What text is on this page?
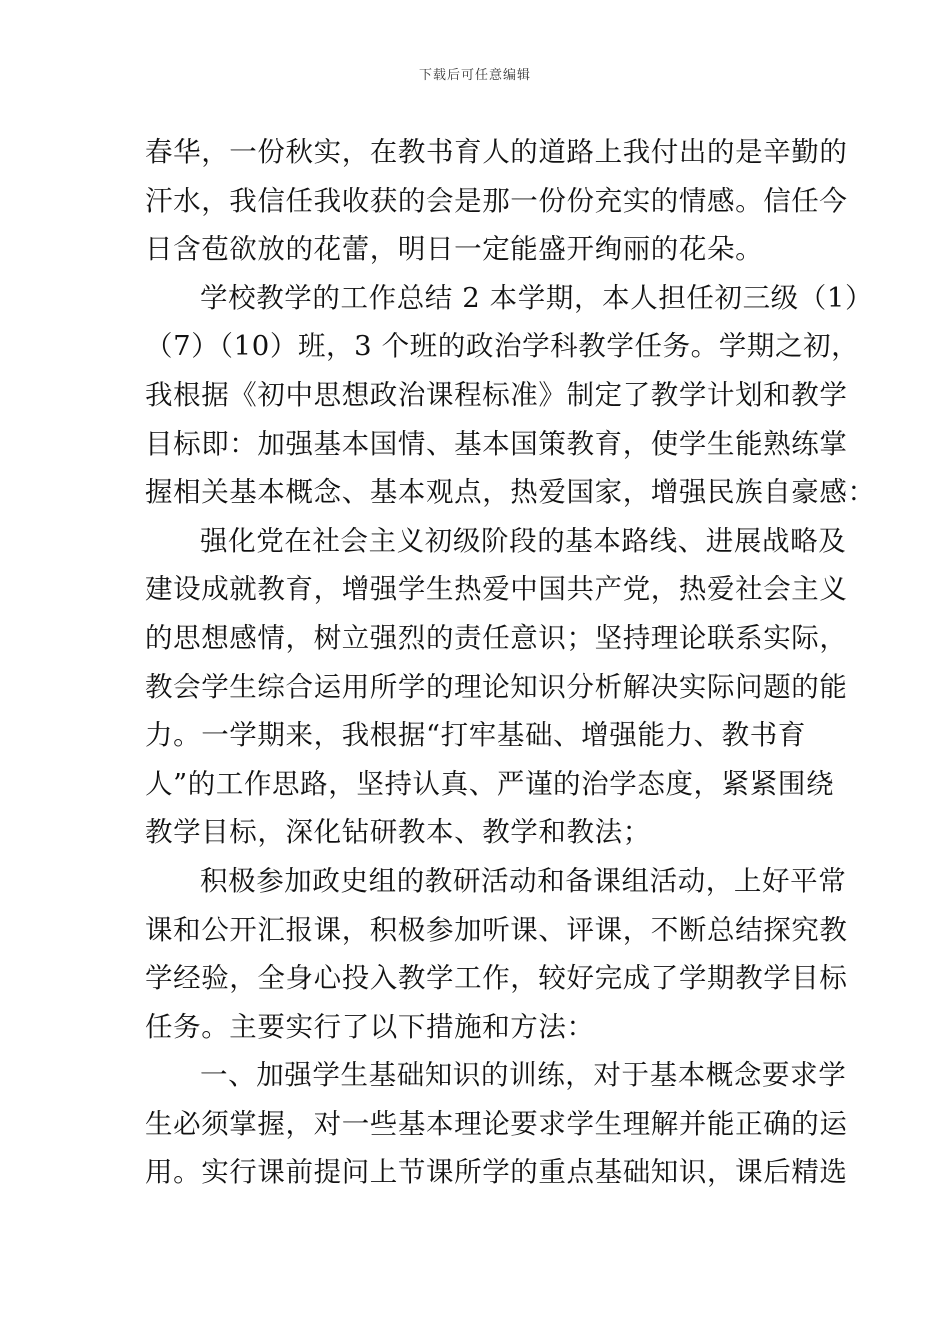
下载后可任意编辑
春华，一份秋实，在教书育人的道路上我付出的是辛勤的
汗水，我信任我收获的会是那一份份充实的情感。信任今
日含苞欲放的花蕾，明日一定能盛开绚丽的花朵。
学校教学的工作总结 2 本学期，本人担任初三级（1）
（7）（10）班，3 个班的政治学科教学任务。学期之初，
我根据《初中思想政治课程标准》制定了教学计划和教学
目标即：加强基本国情、基本国策教育，使学生能熟练掌
握相关基本概念、基本观点，热爱国家，增强民族自豪感：
强化党在社会主义初级阶段的基本路线、进展战略及
建设成就教育，增强学生热爱中国共产党，热爱社会主义
的思想感情，树立强烈的责任意识；坚持理论联系实际，
教会学生综合运用所学的理论知识分析解决实际问题的能
力。一学期来，我根据“打牢基础、增强能力、教书育
人”的工作思路，坚持认真、严谨的治学态度，紧紧围绕
教学目标，深化钻研教本、教学和教法；
积极参加政史组的教研活动和备课组活动，上好平常
课和公开汇报课，积极参加听课、评课，不断总结探究教
学经验，全身心投入教学工作，较好完成了学期教学目标
任务。主要实行了以下措施和方法：
一、加强学生基础知识的训练，对于基本概念要求学
生必须掌握，对一些基本理论要求学生理解并能正确的运
用。实行课前提问上节课所学的重点基础知识，课后精选
